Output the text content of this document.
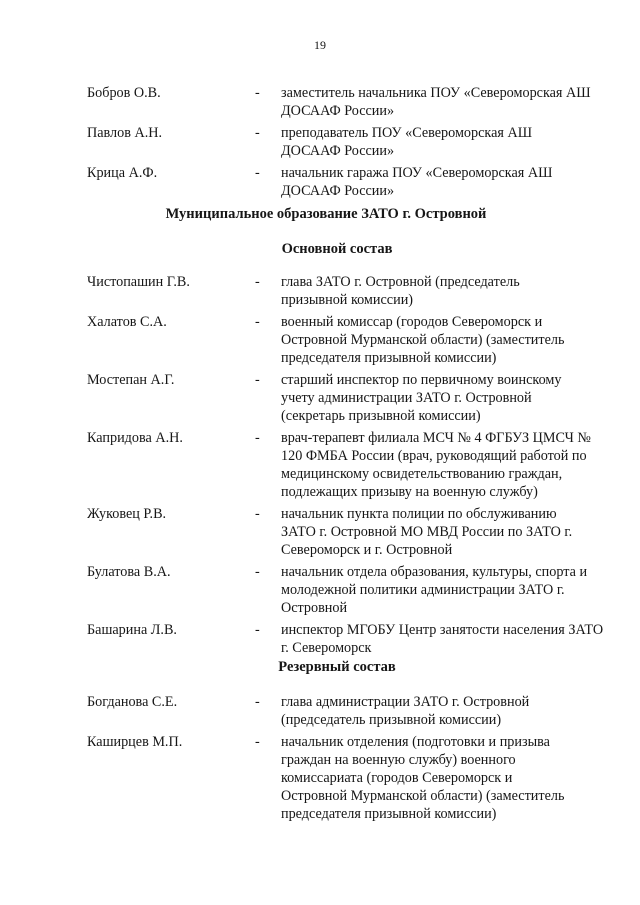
19
Бобров О.В.	- заместитель начальника ПОУ «Североморская АШ ДОСААФ России»
Павлов А.Н.	- преподаватель ПОУ «Североморская АШ ДОСААФ России»
Крица А.Ф.	- начальник гаража ПОУ «Североморская АШ ДОСААФ России»

Муниципальное образование ЗАТО г. Островной

Основной состав

Чистопашин Г.В.	- глава ЗАТО г. Островной (председатель призывной комиссии)
Халатов С.А.	- военный комиссар (городов Североморск и Островной Мурманской области) (заместитель председателя призывной комиссии)
Мостепан А.Г.	- старший инспектор по первичному воинскому учету администрации ЗАТО г. Островной (секретарь призывной комиссии)
Капридова А.Н.	- врач-терапевт филиала МСЧ № 4 ФГБУЗ ЦМСЧ № 120 ФМБА России (врач, руководящий работой по медицинскому освидетельствованию граждан, подлежащих призыву на военную службу)
Жуковец Р.В.	- начальник пункта полиции по обслуживанию ЗАТО г. Островной МО МВД России по ЗАТО г. Североморск и г. Островной
Булатова В.А.	- начальник отдела образования, культуры, спорта и молодежной политики администрации ЗАТО г. Островной
Башарина Л.В.	- инспектор МГОБУ Центр занятости населения ЗАТО г. Североморск

Резервный состав

Богданова С.Е.	- глава администрации ЗАТО г. Островной (председатель призывной комиссии)
Каширцев М.П.	- начальник отделения (подготовки и призыва граждан на военную службу) военного комиссариата (городов Североморск и Островной Мурманской области) (заместитель председателя призывной комиссии)
